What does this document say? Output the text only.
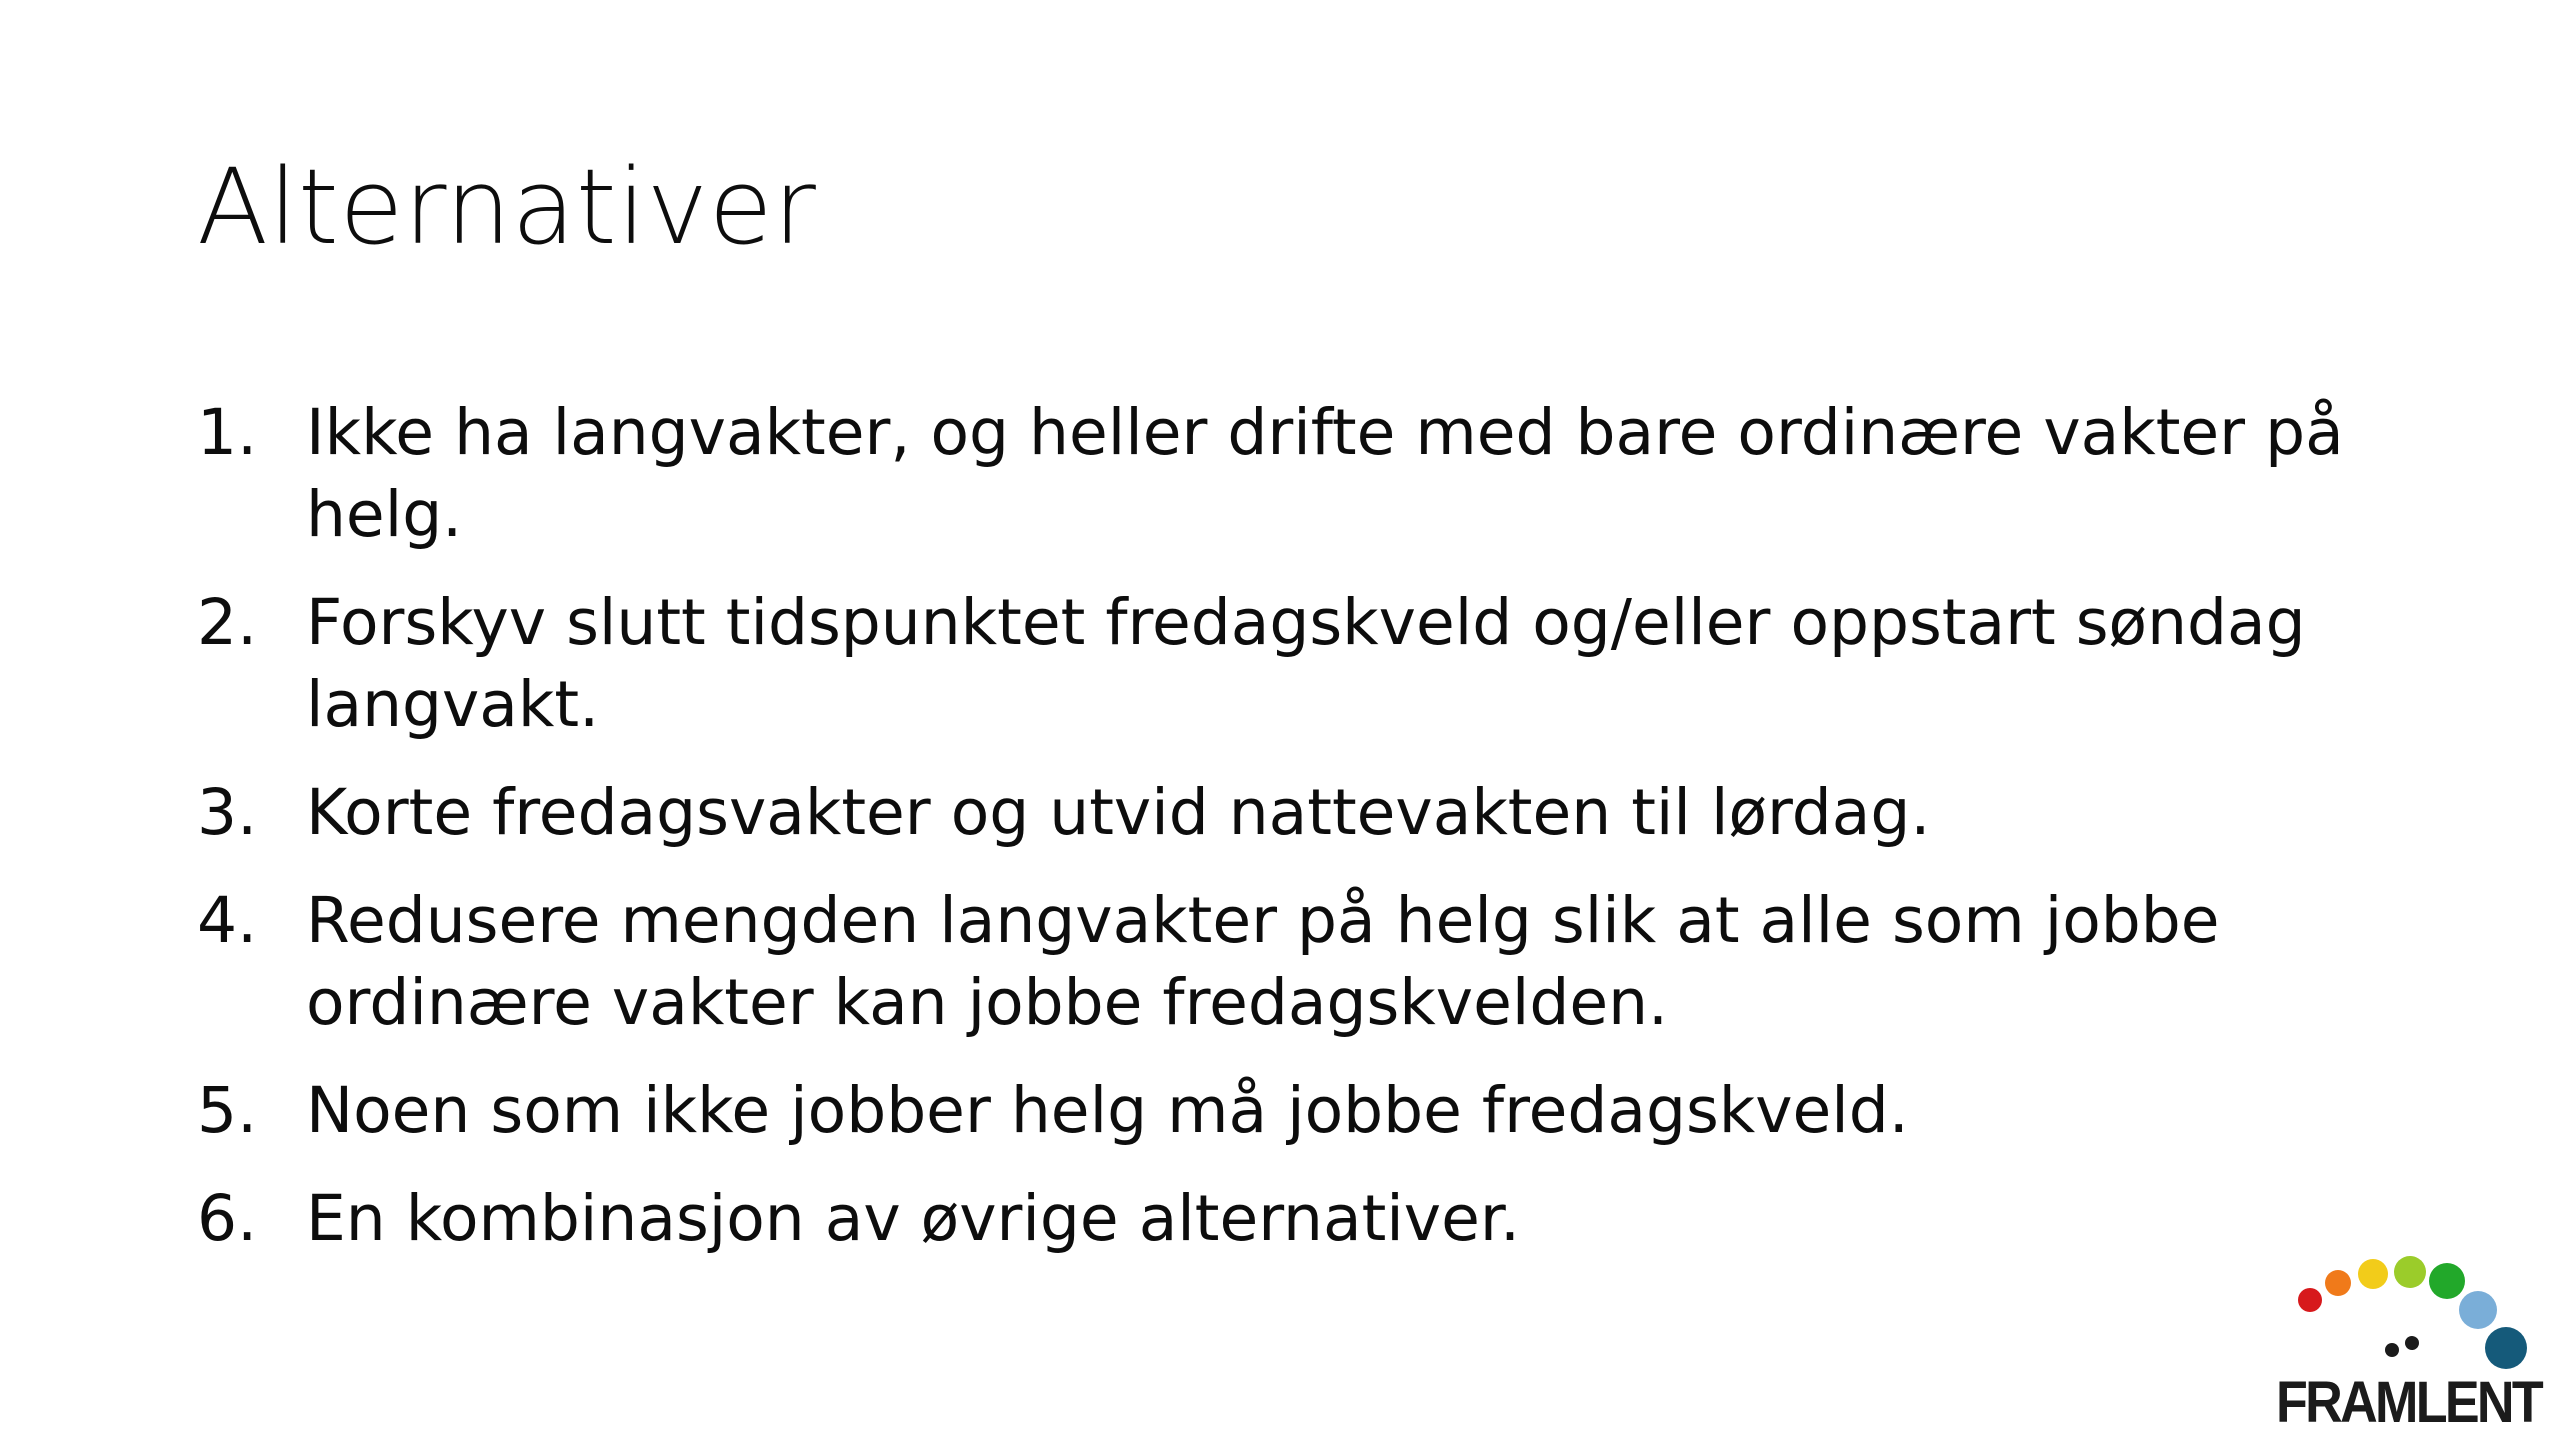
Alternativer
1. Ikke ha langvakter, og heller drifte med bare ordinære vakter på helg.
2. Forskyv slutt tidspunktet fredagskveld og/eller oppstart søndag langvakt.
3. Korte fredagsvakter og utvid nattevakten til lørdag.
4. Redusere mengden langvakter på helg slik at alle som jobbe ordinære vakter kan jobbe fredagskvelden.
5. Noen som ikke jobber helg må jobbe fredagskveld.
6. En kombinasjon av øvrige alternativer.
FRAMLENT
